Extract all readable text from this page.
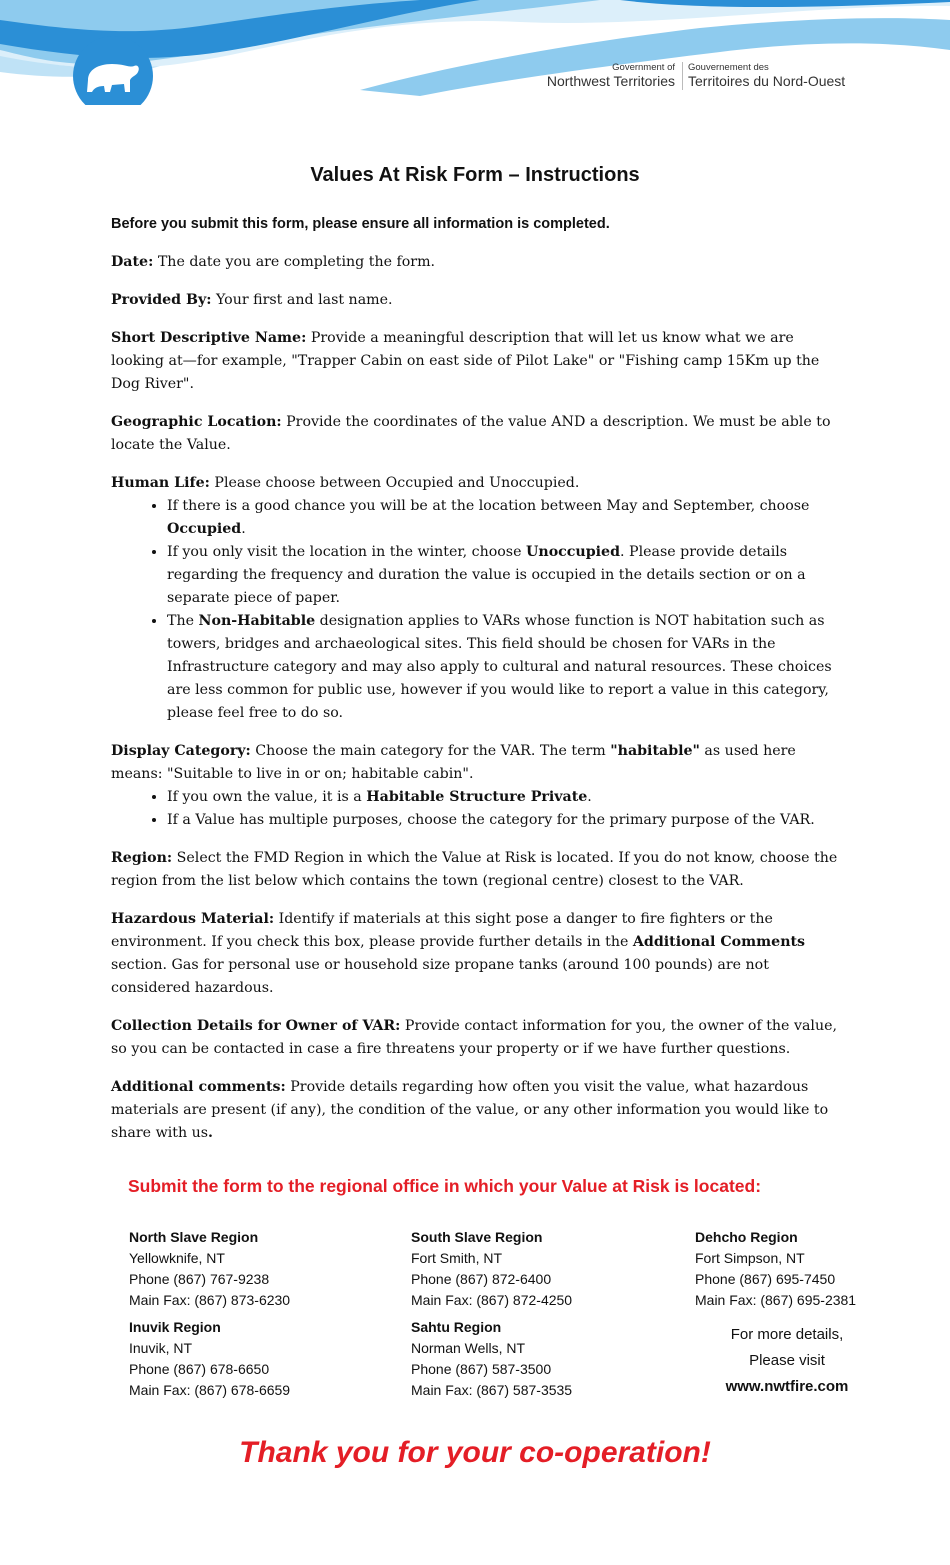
Government of
Northwest Territories
Gouvernement des
Territoires du Nord-Ouest
Values At Risk Form – Instructions

Before you submit this form, please ensure all information is completed.

Date: The date you are completing the form.

Provided By: Your first and last name.

Short Descriptive Name: Provide a meaningful description that will let us know what we are looking at—for example, "Trapper Cabin on east side of Pilot Lake" or "Fishing camp 15Km up the Dog River".

Geographic Location: Provide the coordinates of the value AND a description. We must be able to locate the Value.

Human Life: Please choose between Occupied and Unoccupied.

• If there is a good chance you will be at the location between May and September, choose Occupied.
• If you only visit the location in the winter, choose Unoccupied. Please provide details regarding the frequency and duration the value is occupied in the details section or on a separate piece of paper.
• The Non-Habitable designation applies to VARs whose function is NOT habitation such as towers, bridges and archaeological sites. This field should be chosen for VARs in the Infrastructure category and may also apply to cultural and natural resources. These choices are less common for public use, however if you would like to report a value in this category, please feel free to do so.

Display Category: Choose the main category for the VAR. The term "habitable" as used here means: "Suitable to live in or on; habitable cabin".

• If you own the value, it is a Habitable Structure Private.
• If a Value has multiple purposes, choose the category for the primary purpose of the VAR.

Region: Select the FMD Region in which the Value at Risk is located. If you do not know, choose the region from the list below which contains the town (regional centre) closest to the VAR.

Hazardous Material: Identify if materials at this sight pose a danger to fire fighters or the environment. If you check this box, please provide further details in the Additional Comments section. Gas for personal use or household size propane tanks (around 100 pounds) are not considered hazardous.

Collection Details for Owner of VAR: Provide contact information for you, the owner of the value, so you can be contacted in case a fire threatens your property or if we have further questions.

Additional comments: Provide details regarding how often you visit the value, what hazardous materials are present (if any), the condition of the value, or any other information you would like to share with us.

Submit the form to the regional office in which your Value at Risk is located:
North Slave Region
Yellowknife, NT
Phone (867) 767-9238
Main Fax: (867) 873-6230
South Slave Region
Fort Smith, NT
Phone (867) 872-6400
Main Fax: (867) 872-4250
Dehcho Region
Fort Simpson, NT
Phone (867) 695-7450
Main Fax: (867) 695-2381
Inuvik Region
Inuvik, NT
Phone (867) 678-6650
Main Fax: (867) 678-6659
Sahtu Region
Norman Wells, NT
Phone (867) 587-3500
Main Fax: (867) 587-3535
For more details,
Please visit
www.nwtfire.com
Thank you for your co-operation!
